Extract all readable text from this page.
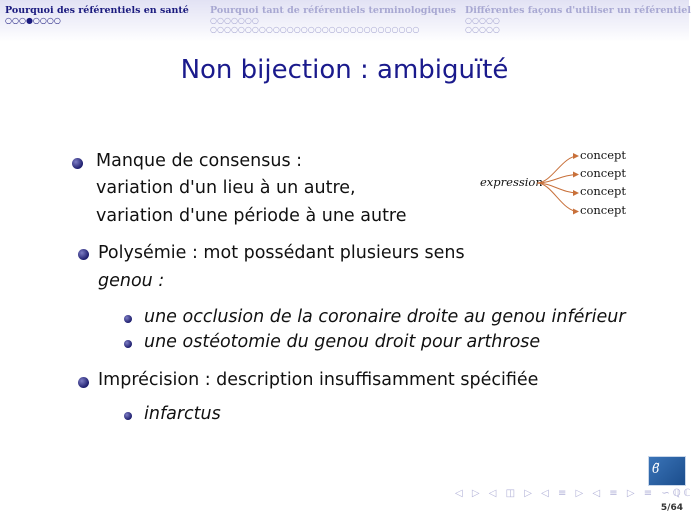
Pourquoi des référentiels en santé
○○○●○○○○
Pourquoi tant de référentiels terminologiques
○○○○○○○
○○○○○○○○○○○○○○○○○○○○○○○○○○○○○○
Différentes façons d'utiliser un référentiel
○○○○○
○○○○○
Non bijection : ambiguïté
Manque de consensus :
variation d'un lieu à un autre,
variation d'une période à une autre
expression
concept
concept
concept
concept
Polysémie : mot possédant plusieurs sens
genou :
une occlusion de la coronaire droite au genou inférieur
une ostéotomie du genou droit pour arthrose
Imprécision : description insuffisamment spécifiée
infarctus
ϐ̃
◁ ▷ ◁ ◫ ▷ ◁ ≡ ▷ ◁ ≡ ▷ ≡ ∽ℚℂ
5/64
